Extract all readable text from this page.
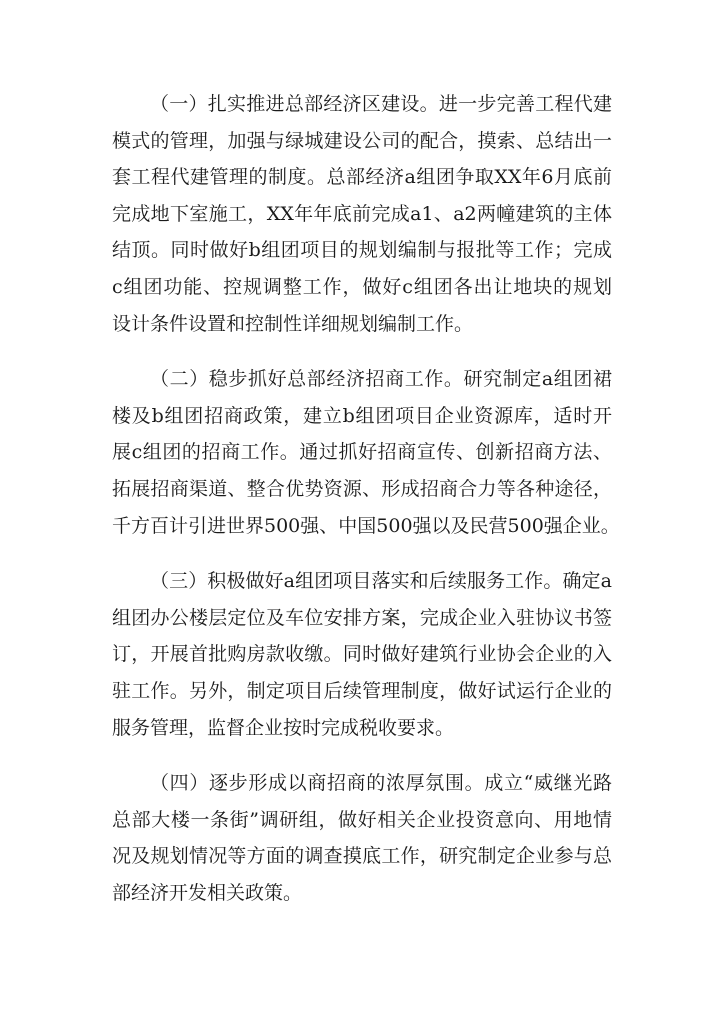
（一）扎实推进总部经济区建设。进一步完善工程代建
模式的管理，加强与绿城建设公司的配合，摸索、总结出一
套工程代建管理的制度。总部经济a组团争取XX年6月底前
完成地下室施工，XX年年底前完成a1、a2两幢建筑的主体
结顶。同时做好b组团项目的规划编制与报批等工作；完成
c组团功能、控规调整工作，做好c组团各出让地块的规划
设计条件设置和控制性详细规划编制工作。
（二）稳步抓好总部经济招商工作。研究制定a组团裙
楼及b组团招商政策，建立b组团项目企业资源库，适时开
展c组团的招商工作。通过抓好招商宣传、创新招商方法、
拓展招商渠道、整合优势资源、形成招商合力等各种途径，
千方百计引进世界500强、中国500强以及民营500强企业。
（三）积极做好a组团项目落实和后续服务工作。确定a
组团办公楼层定位及车位安排方案，完成企业入驻协议书签
订，开展首批购房款收缴。同时做好建筑行业协会企业的入
驻工作。另外，制定项目后续管理制度，做好试运行企业的
服务管理，监督企业按时完成税收要求。
（四）逐步形成以商招商的浓厚氛围。成立“威继光路
总部大楼一条街”调研组，做好相关企业投资意向、用地情
况及规划情况等方面的调查摸底工作，研究制定企业参与总
部经济开发相关政策。
